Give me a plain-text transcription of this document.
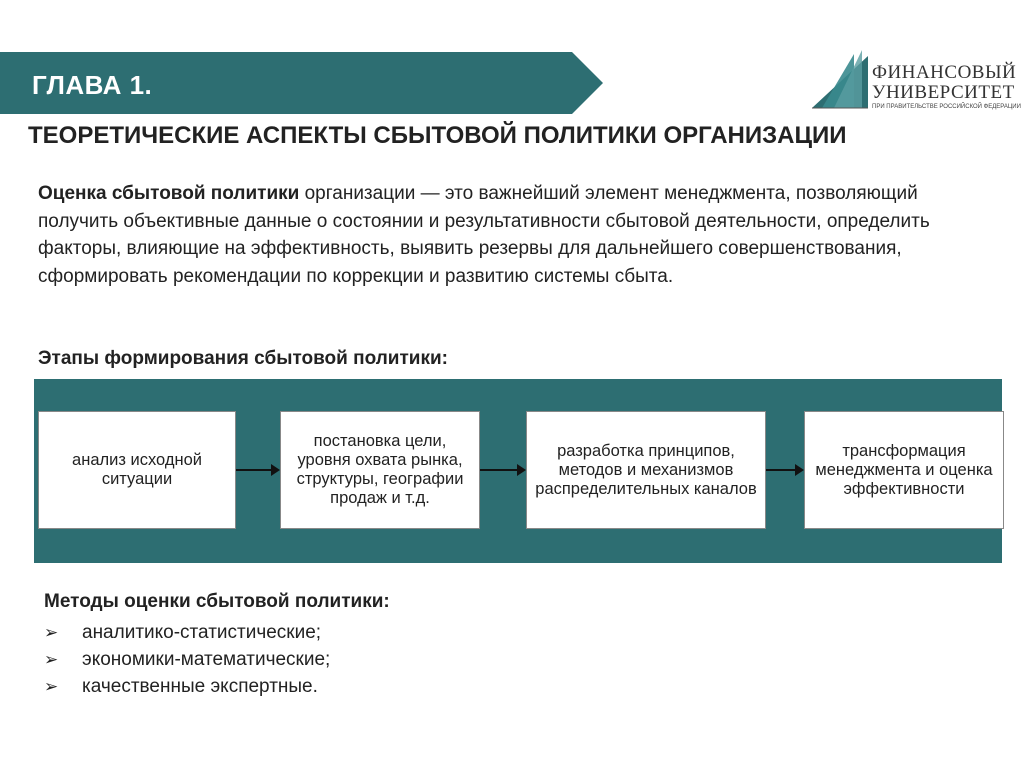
ГЛАВА 1.	ФИНАНСОВЫЙ
УНИВЕРСИТЕТ
ПРИ ПРАВИТЕЛЬСТВЕ РОССИЙСКОЙ ФЕДЕРАЦИИ
ТЕОРЕТИЧЕСКИЕ АСПЕКТЫ СБЫТОВОЙ ПОЛИТИКИ ОРГАНИЗАЦИИ
Оценка сбытовой политики организации — это важнейший элемент менеджмента, позволяющий получить объективные данные о состоянии и результативности сбытовой деятельности, определить факторы, влияющие на эффективность, выявить резервы для дальнейшего совершенствования, сформировать рекомендации по коррекции и развитию системы сбыта.
Этапы формирования сбытовой политики:
анализ исходной ситуации
постановка цели, уровня охвата рынка, структуры, географии продаж и т.д.
разработка принципов, методов и механизмов распределительных каналов
трансформация менеджмента и оценка эффективности
Методы оценки сбытовой политики:
➢	аналитико-статистические;
➢	экономики-математические;
➢	качественные экспертные.
